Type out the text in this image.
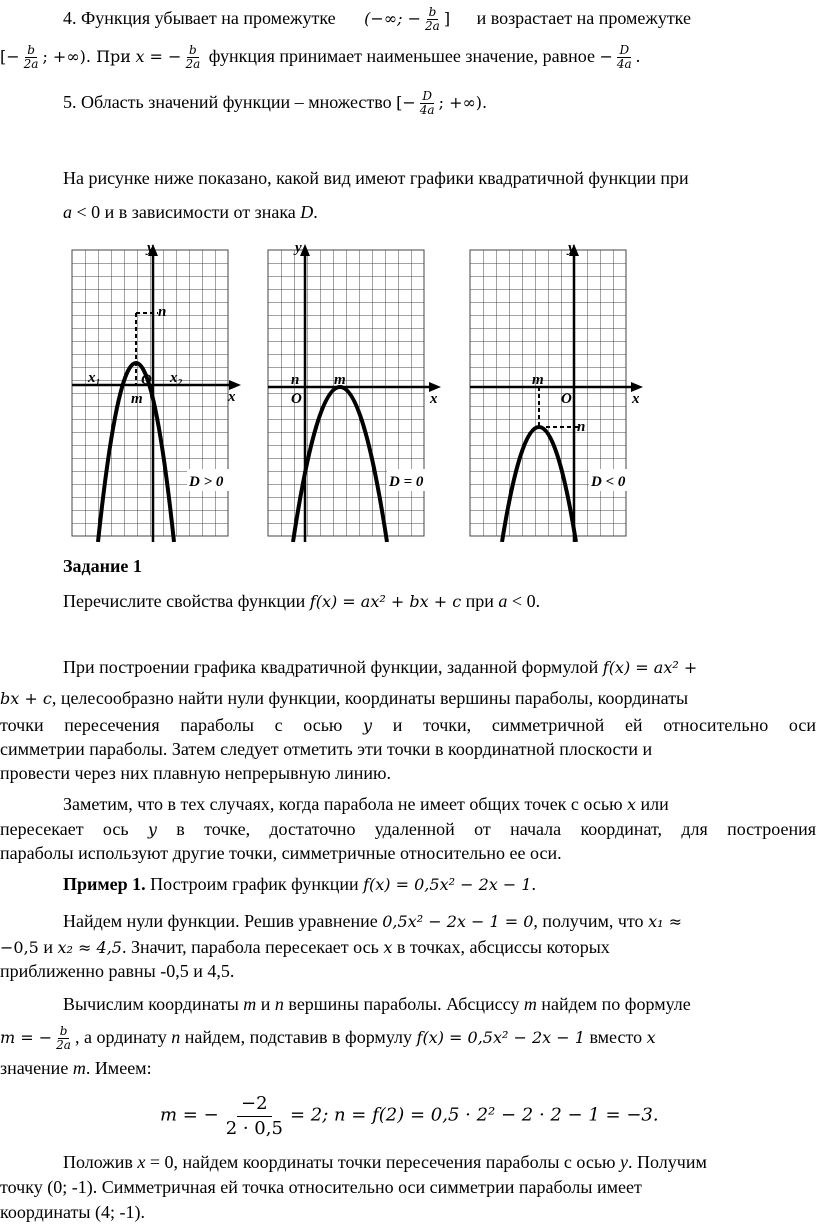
4. Функция убывает на промежутке (−∞; − $\frac{b}{2a}$ ] и возрастает на промежутке
[− $\frac{b}{2a}$ ; +∞). При x = − $\frac{b}{2a}$ функция принимает наименьшее значение, равное − $\frac{D}{4a}$ .
5. Область значений функции – множество [− $\frac{D}{4a}$ ; +∞).
На рисунке ниже показано, какой вид имеют графики квадратичной функции при
a < 0 и в зависимости от знака D.
y
x
O
n
m
x₁	x₂
D > 0
y
x
O
n m
D = 0
y
x
O
n
m
D < 0
Задание 1
Перечислите свойства функции f(x) = ax² + bx + c при a < 0.
При построении графика квадратичной функции, заданной формулой f(x) = ax² +
bx + c, целесообразно найти нули функции, координаты вершины параболы, координаты
точки пересечения параболы с осью y и точки, симметричной ей относительно оси
симметрии параболы. Затем следует отметить эти точки в координатной плоскости и
провести через них плавную непрерывную линию.
Заметим, что в тех случаях, когда парабола не имеет общих точек с осью x или
пересекает ось y в точке, достаточно удаленной от начала координат, для построения
параболы используют другие точки, симметричные относительно ее оси.
Пример 1. Построим график функции f(x) = 0,5x² − 2x − 1.
Найдем нули функции. Решив уравнение 0,5x² − 2x − 1 = 0, получим, что x₁ ≈
−0,5 и x₂ ≈ 4,5. Значит, парабола пересекает ось x в точках, абсциссы которых
приближенно равны -0,5 и 4,5.
Вычислим координаты m и n вершины параболы. Абсциссу m найдем по формуле
m = − $\frac{b}{2a}$ , а ординату n найдем, подставив в формулу f(x) = 0,5x² − 2x − 1 вместо x
значение m. Имеем:
m = − $\frac{-2}{2 \cdot 0,5} = 2$; n = f(2) = 0,5 · 2² − 2 · 2 − 1 = −3.
Положив x = 0, найдем координаты точки пересечения параболы с осью y. Получим
точку (0; -1). Симметричная ей точка относительно оси симметрии параболы имеет
координаты (4; -1).
